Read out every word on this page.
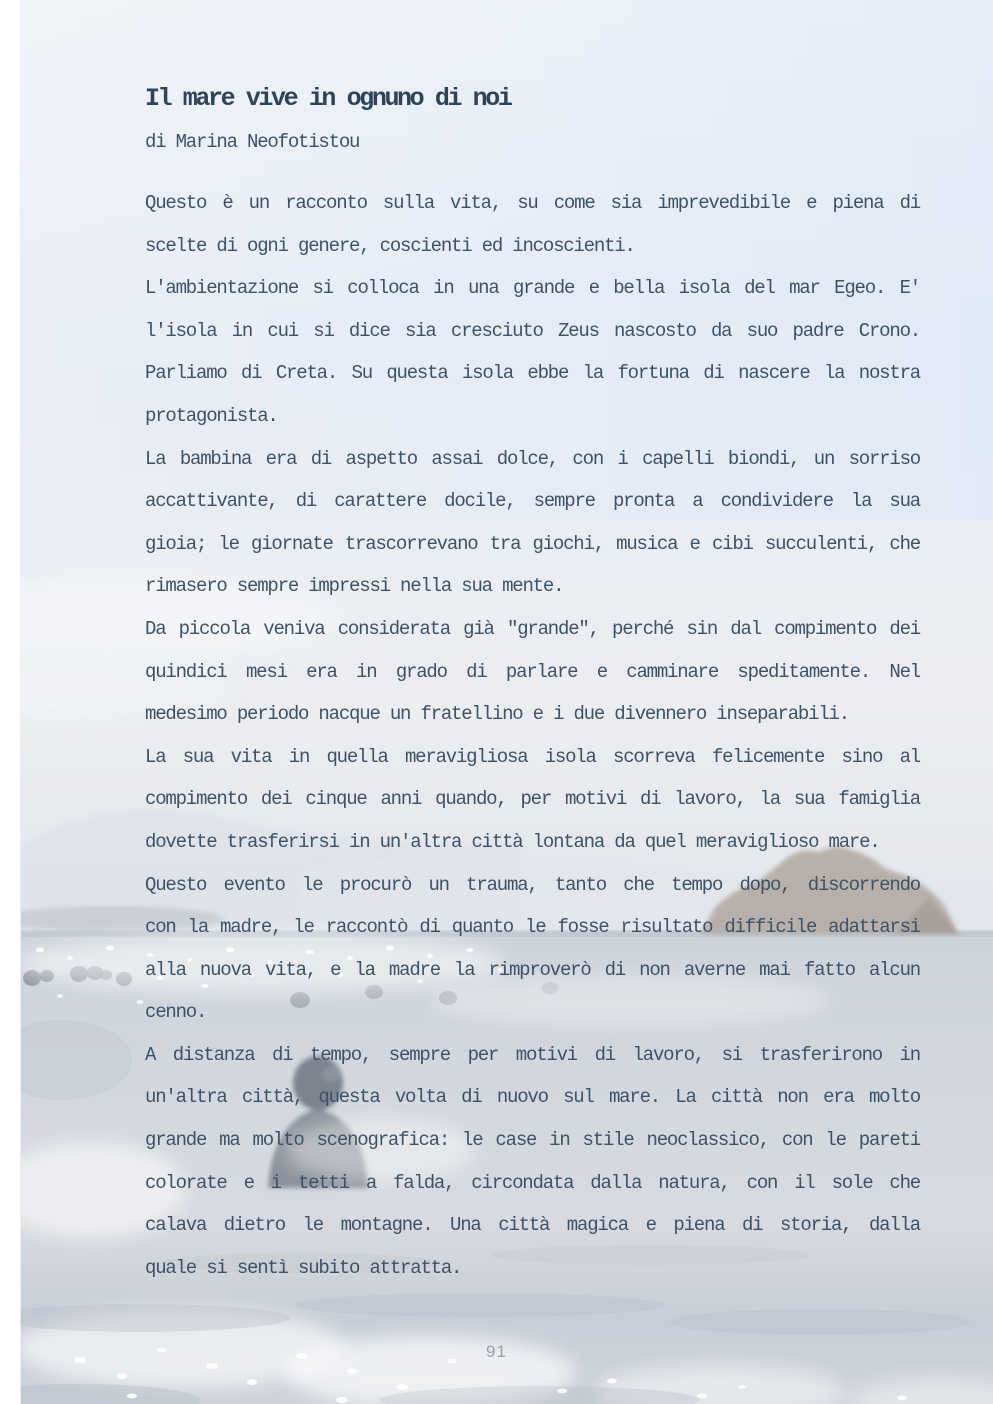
Il mare vive in ognuno di noi
di Marina Neofotistou
Questo è un racconto sulla vita, su come sia imprevedibile e piena di
scelte di ogni genere, coscienti ed incoscienti.
L'ambientazione si colloca in una grande e bella isola del mar Egeo. E'
l'isola in cui si dice sia cresciuto Zeus nascosto da suo padre Crono.
Parliamo di Creta. Su questa isola ebbe la fortuna di nascere la nostra
protagonista.
La bambina era di aspetto assai dolce, con i capelli biondi, un sorriso
accattivante, di carattere docile, sempre pronta a condividere la sua
gioia; le giornate trascorrevano tra giochi, musica e cibi succulenti, che
rimasero sempre impressi nella sua mente.
Da piccola veniva considerata già "grande", perché sin dal compimento dei
quindici mesi era in grado di parlare e camminare speditamente. Nel
medesimo periodo nacque un fratellino e i due divennero inseparabili.
La sua vita in quella meravigliosa isola scorreva felicemente sino al
compimento dei cinque anni quando, per motivi di lavoro, la sua famiglia
dovette trasferirsi in un'altra città lontana da quel meraviglioso mare.
Questo evento le procurò un trauma, tanto che tempo dopo, discorrendo
con la madre, le raccontò di quanto le fosse risultato difficile adattarsi
alla nuova vita, e la madre la rimproverò di non averne mai fatto alcun
cenno.
A distanza di tempo, sempre per motivi di lavoro, si trasferirono in
un'altra città, questa volta di nuovo sul mare. La città non era molto
grande ma molto scenografica: le case in stile neoclassico, con le pareti
colorate e i tetti a falda, circondata dalla natura, con il sole che
calava dietro le montagne. Una città magica e piena di storia, dalla
quale si sentì subito attratta.
91
